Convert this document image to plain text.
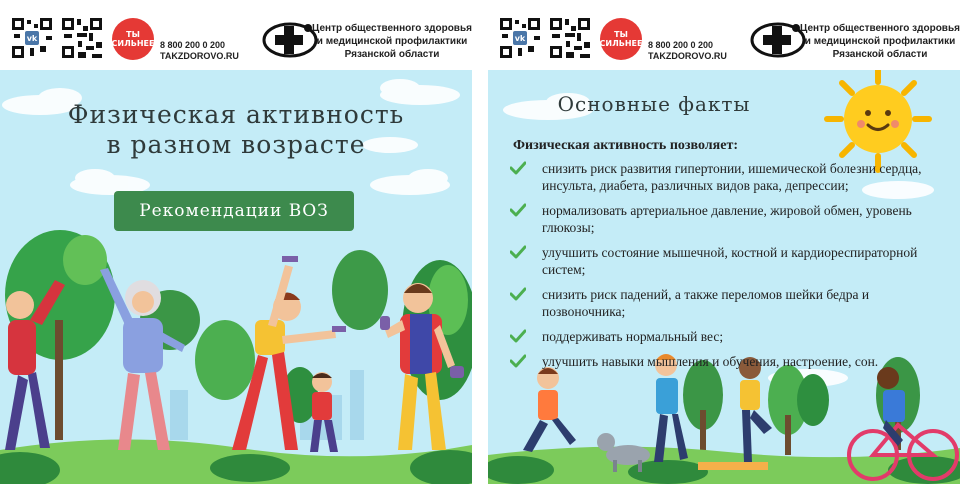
vk	ТЫ СИЛЬНЕЕ 8 800 200 0 200
TAKZDOROVO.RU
Центр общественного здоровья
и медицинской профилактики
Рязанской области
Физическая активность
в разном возрасте
Рекомендации ВОЗ
vk	ТЫ СИЛЬНЕЕ 8 800 200 0 200
TAKZDOROVO.RU
Центр общественного здоровья
и медицинской профилактики
Рязанской области
Основные факты
Физическая активность позволяет:
снизить риск развития гипертонии, ишемической болезни сердца, инсульта, диабета, различных видов рака, депрессии;
нормализовать артериальное давление, жировой обмен, уровень глюкозы;
улучшить состояние мышечной, костной и кардиореспираторной систем;
снизить риск падений, а также переломов шейки бедра и позвоночника;
поддерживать нормальный вес;
улучшить навыки мышления и обучения, настроение, сон.
